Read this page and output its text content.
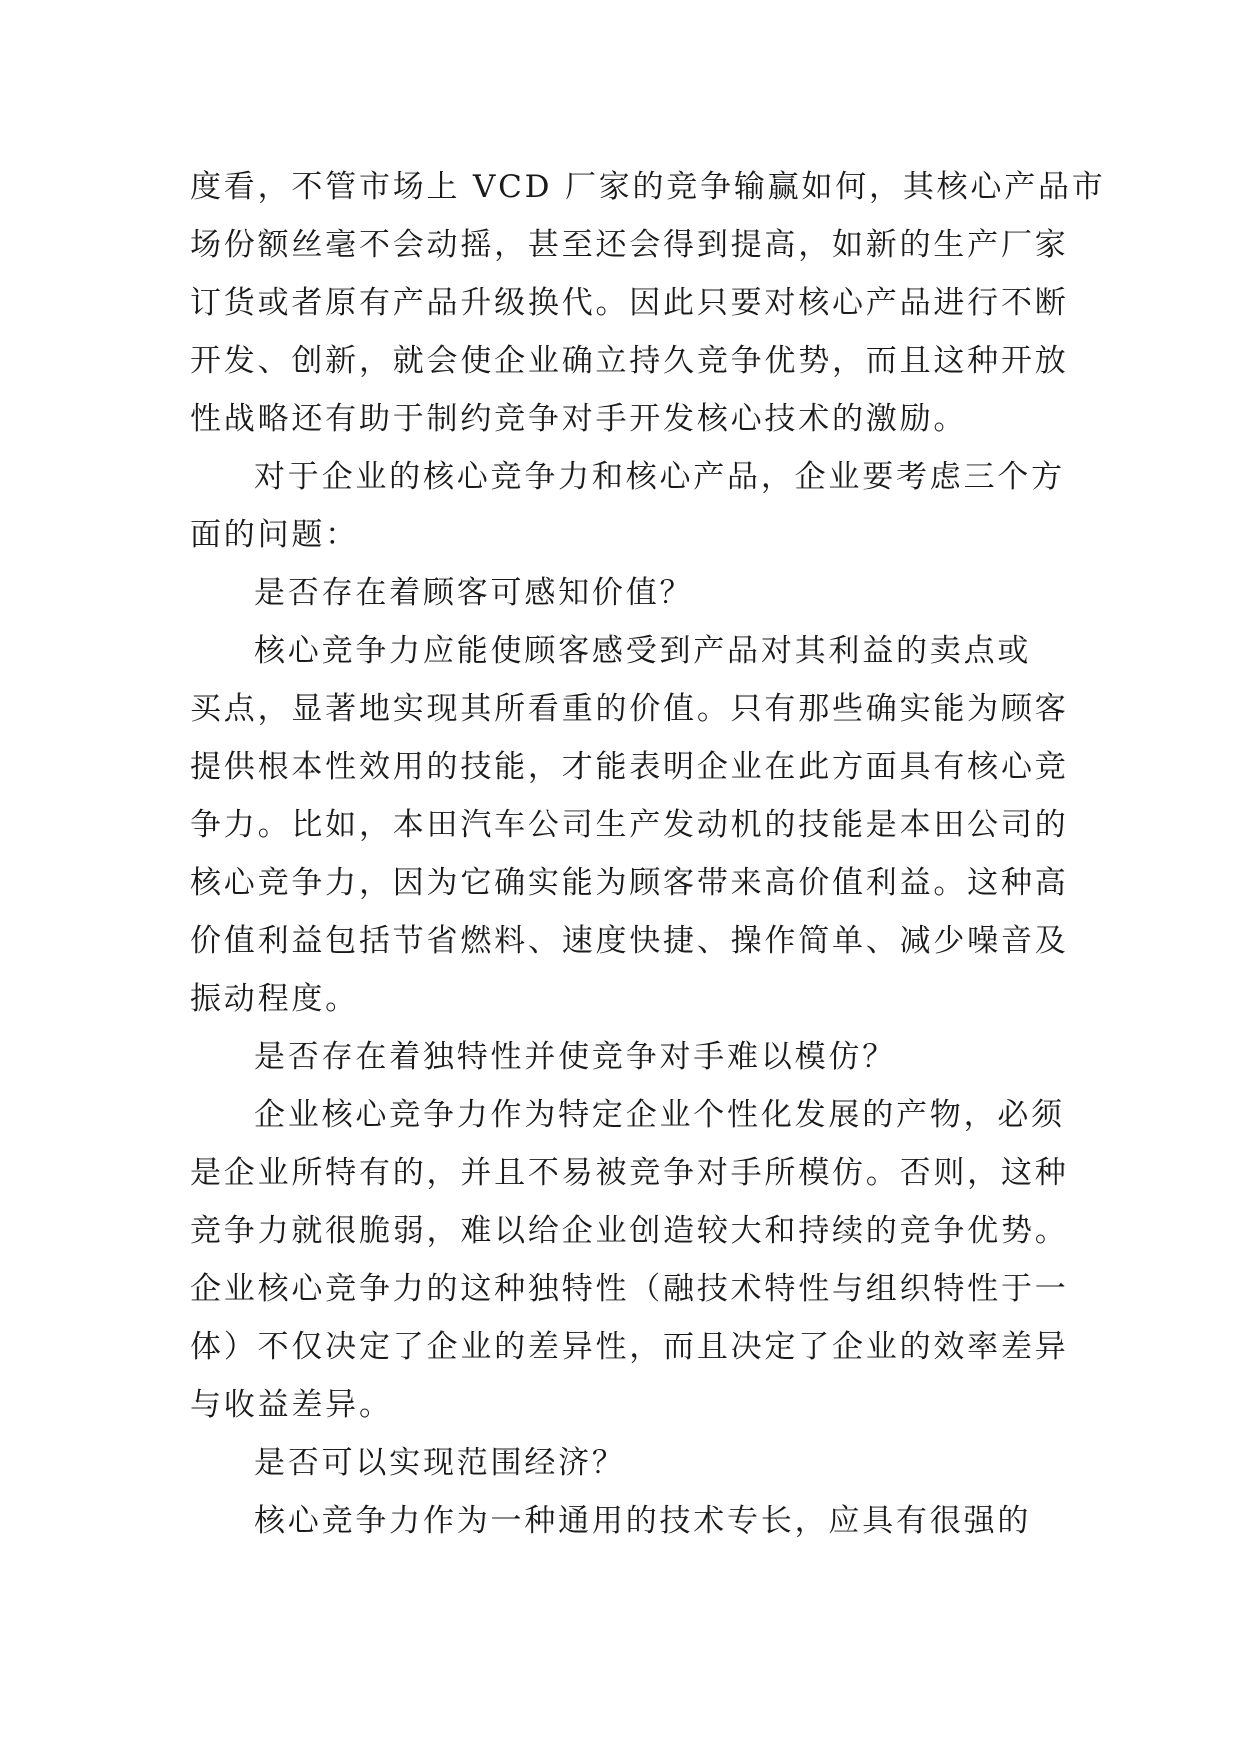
度看，不管市场上 VCD 厂家的竞争输赢如何，其核心产品市
场份额丝毫不会动摇，甚至还会得到提高，如新的生产厂家
订货或者原有产品升级换代。因此只要对核心产品进行不断
开发、创新，就会使企业确立持久竞争优势，而且这种开放
性战略还有助于制约竞争对手开发核心技术的激励。
对于企业的核心竞争力和核心产品，企业要考虑三个方
面的问题：
是否存在着顾客可感知价值？
核心竞争力应能使顾客感受到产品对其利益的卖点或
买点，显著地实现其所看重的价值。只有那些确实能为顾客
提供根本性效用的技能，才能表明企业在此方面具有核心竞
争力。比如，本田汽车公司生产发动机的技能是本田公司的
核心竞争力，因为它确实能为顾客带来高价值利益。这种高
价值利益包括节省燃料、速度快捷、操作简单、减少噪音及
振动程度。
是否存在着独特性并使竞争对手难以模仿？
企业核心竞争力作为特定企业个性化发展的产物，必须
是企业所特有的，并且不易被竞争对手所模仿。否则，这种
竞争力就很脆弱，难以给企业创造较大和持续的竞争优势。
企业核心竞争力的这种独特性（融技术特性与组织特性于一
体）不仅决定了企业的差异性，而且决定了企业的效率差异
与收益差异。
是否可以实现范围经济？
核心竞争力作为一种通用的技术专长，应具有很强的
